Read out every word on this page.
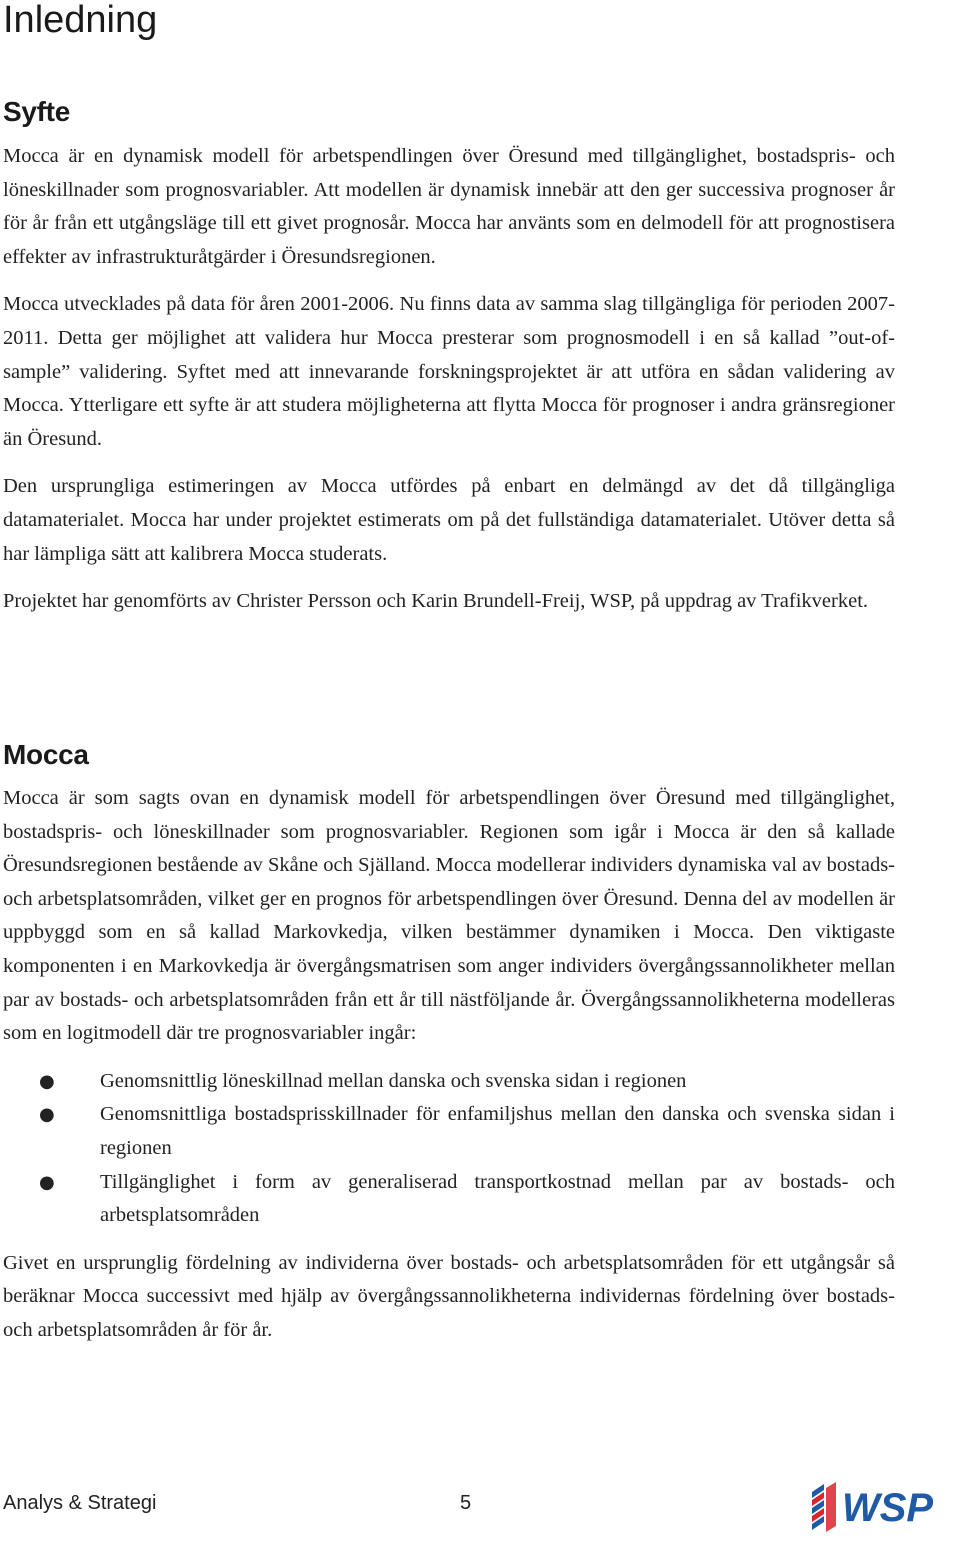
Inledning
Syfte

Mocca är en dynamisk modell för arbetspendlingen över Öresund med tillgänglighet, bostadspris- och löneskillnader som prognosvariabler. Att modellen är dynamisk innebär att den ger successiva prognoser år för år från ett utgångsläge till ett givet prognosår. Mocca har använts som en delmodell för att prognostisera effekter av infrastrukturåtgärder i Öresundsregionen.

Mocca utvecklades på data för åren 2001-2006. Nu finns data av samma slag tillgängliga för perioden 2007-2011. Detta ger möjlighet att validera hur Mocca presterar som prognosmodell i en så kallad ”out-of-sample” validering. Syftet med att innevarande forskningsprojektet är att utföra en sådan validering av Mocca. Ytterligare ett syfte är att studera möjligheterna att flytta Mocca för prognoser i andra gränsregioner än Öresund.

Den ursprungliga estimeringen av Mocca utfördes på enbart en delmängd av det då tillgängliga datamaterialet. Mocca har under projektet estimerats om på det fullständiga datamaterialet. Utöver detta så har lämpliga sätt att kalibrera Mocca studerats.

Projektet har genomförts av Christer Persson och Karin Brundell-Freij, WSP, på uppdrag av Trafikverket.

Mocca

Mocca är som sagts ovan en dynamisk modell för arbetspendlingen över Öresund med tillgänglighet, bostadspris- och löneskillnader som prognosvariabler. Regionen som igår i Mocca är den så kallade Öresundsregionen bestående av Skåne och Själland. Mocca modellerar individers dynamiska val av bostads- och arbetsplatsområden, vilket ger en prognos för arbetspendlingen över Öresund. Denna del av modellen är uppbyggd som en så kallad Markovkedja, vilken bestämmer dynamiken i Mocca. Den viktigaste komponenten i en Markovkedja är övergångsmatrisen som anger individers övergångssannolikheter mellan par av bostads- och arbetsplatsområden från ett år till nästföljande år. Övergångssannolikheterna modelleras som en logitmodell där tre prognosvariabler ingår:

● Genomsnittlig löneskillnad mellan danska och svenska sidan i regionen
● Genomsnittliga bostadsprisskillnader för enfamiljshus mellan den danska och svenska sidan i regionen
● Tillgänglighet i form av generaliserad transportkostnad mellan par av bostads- och arbetsplatsområden

Givet en ursprunglig fördelning av individerna över bostads- och arbetsplatsområden för ett utgångsår så beräknar Mocca successivt med hjälp av övergångssannolikheterna individernas fördelning över bostads- och arbetsplatsområden år för år.

Analys & Strategi	5	WSP
